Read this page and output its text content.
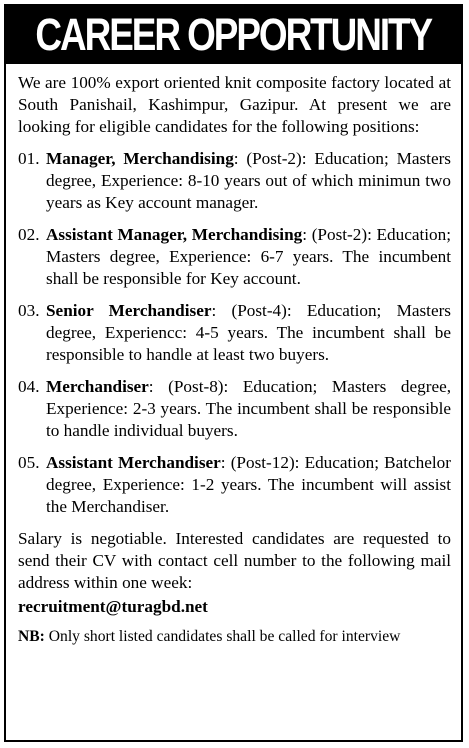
CAREER OPPORTUNITY

We are 100% export oriented knit composite factory located at South Panishail, Kashimpur, Gazipur. At present we are looking for eligible candidates for the following positions:

01. Manager, Merchandising: (Post-2): Education; Masters degree, Experience: 8-10 years out of which minimun two years as Key account manager.
02. Assistant Manager, Merchandising: (Post-2): Education; Masters degree, Experience: 6-7 years. The incumbent shall be responsible for Key account.
03. Senior Merchandiser: (Post-4): Education; Masters degree, Experiencc: 4-5 years. The incumbent shall be responsible to handle at least two buyers.
04. Merchandiser: (Post-8): Education; Masters degree, Experience: 2-3 years. The incumbent shall be responsible to handle individual buyers.
05. Assistant Merchandiser: (Post-12): Education; Batchelor degree, Experience: 1-2 years. The incumbent will assist the Merchandiser.

Salary is negotiable. Interested candidates are requested to send their CV with contact cell number to the following mail address within one week:

recruitment@turagbd.net

NB: Only short listed candidates shall be called for interview
